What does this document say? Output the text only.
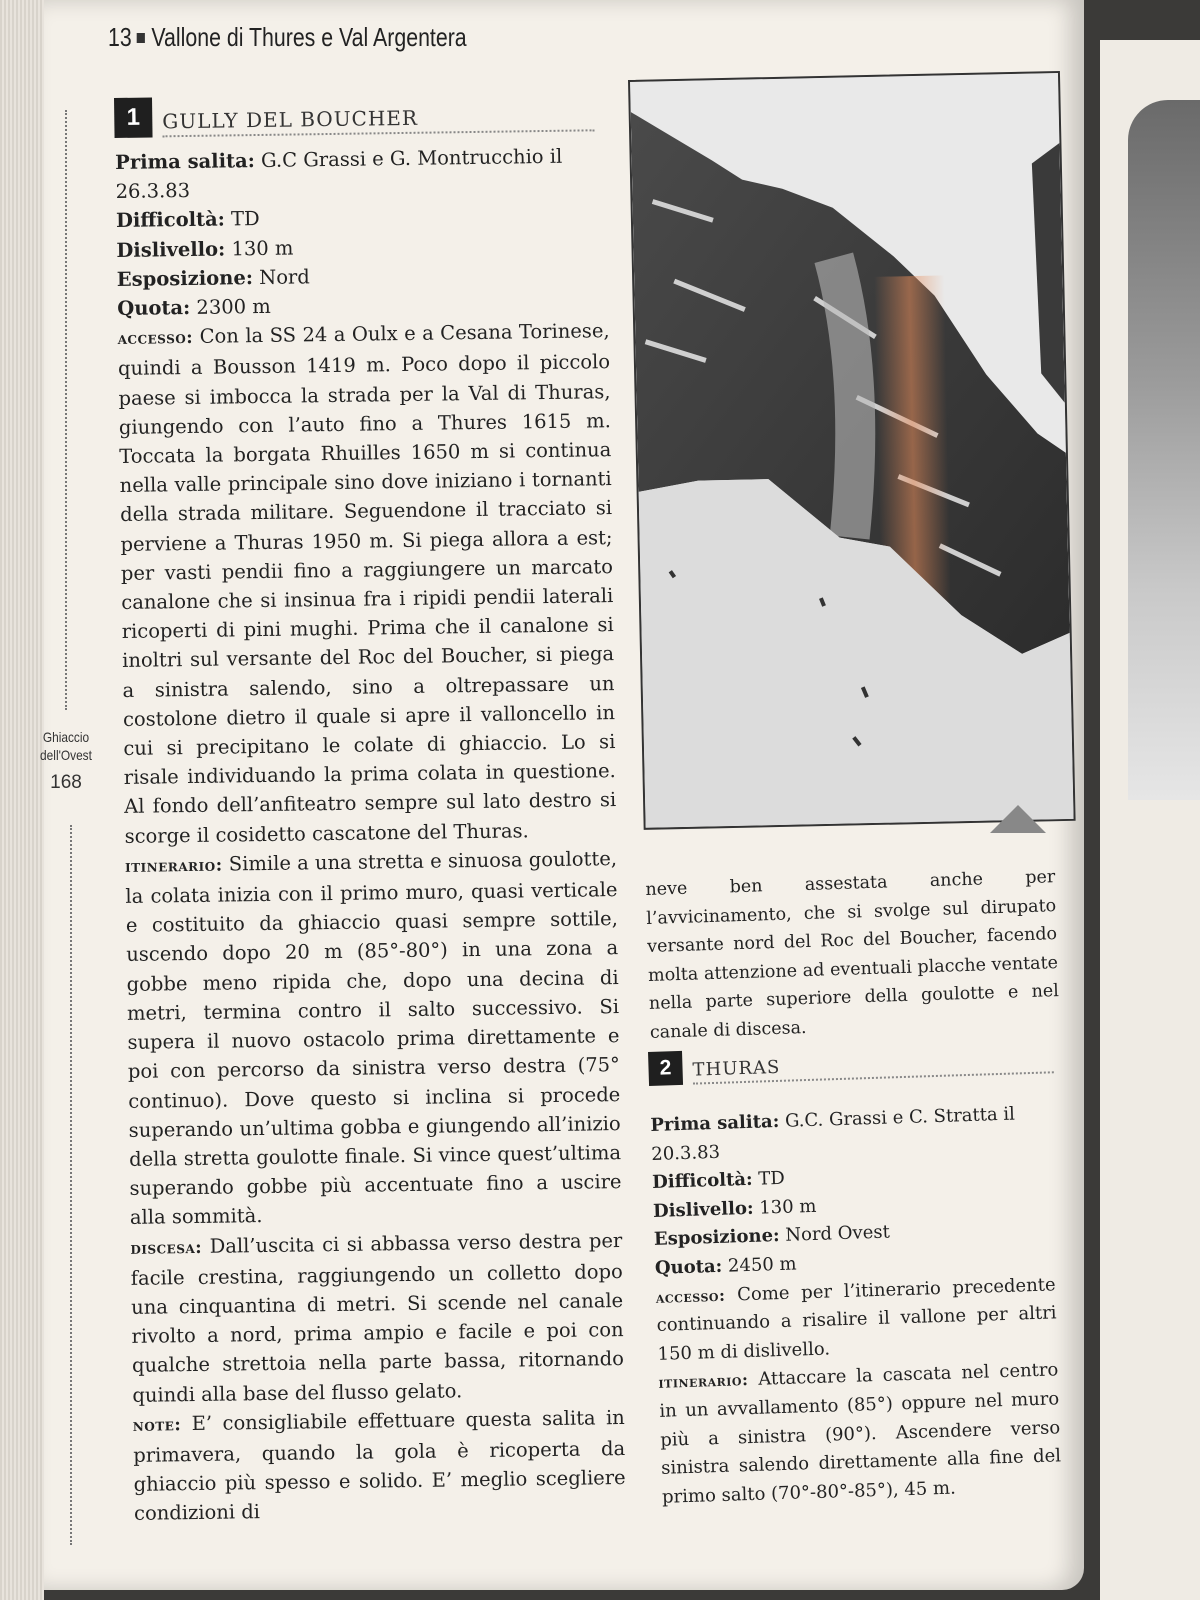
13 Vallone di Thures e Val Argentera
Ghiaccio
dell'Ovest
168
1	GULLY DEL BOUCHER
Prima salita: G.C Grassi e G. Montrucchio il 26.3.83
Difficoltà: TD
Dislivello: 130 m
Esposizione: Nord
Quota: 2300 m

accesso: Con la SS 24 a Oulx e a Cesana Torinese, quindi a Bousson 1419 m. Poco dopo il piccolo paese si imbocca la strada per la Val di Thuras, giungendo con l’auto fino a Thures 1615 m. Toccata la borgata Rhuilles 1650 m si continua nella valle principale sino dove iniziano i tornanti della strada militare. Seguendone il tracciato si perviene a Thuras 1950 m. Si piega allora a est; per vasti pendii fino a raggiungere un marcato canalone che si insinua fra i ripidi pendii laterali ricoperti di pini mughi. Prima che il canalone si inoltri sul versante del Roc del Boucher, si piega a sinistra salendo, sino a oltrepassare un costolone dietro il quale si apre il valloncello in cui si precipitano le colate di ghiaccio. Lo si risale individuando la prima colata in questione. Al fondo dell’anfiteatro sempre sul lato destro si scorge il cosidetto cascatone del Thuras.

itinerario: Simile a una stretta e sinuosa goulotte, la colata inizia con il primo muro, quasi verticale e costituito da ghiaccio quasi sempre sottile, uscendo dopo 20 m (85°-80°) in una zona a gobbe meno ripida che, dopo una decina di metri, termina contro il salto successivo. Si supera il nuovo ostacolo prima direttamente e poi con percorso da sinistra verso destra (75° continuo). Dove questo si inclina si procede superando un’ultima gobba e giungendo all’inizio della stretta goulotte finale. Si vince quest’ultima superando gobbe più accentuate fino a uscire alla sommità.

discesa: Dall’uscita ci si abbassa verso destra per facile crestina, raggiungendo un colletto dopo una cinquantina di metri. Si scende nel canale rivolto a nord, prima ampio e facile e poi con qualche strettoia nella parte bassa, ritornando quindi alla base del flusso gelato.

note: E’ consigliabile effettuare questa salita in primavera, quando la gola è ricoperta da ghiaccio più spesso e solido. E’ meglio scegliere condizioni di

neve ben assestata anche per l’avvicinamento, che si svolge sul dirupato versante nord del Roc del Boucher, facendo molta attenzione ad eventuali placche ventate nella parte superiore della goulotte e nel canale di discesa.

2	THURAS
Prima salita: G.C. Grassi e C. Stratta il 20.3.83
Difficoltà: TD
Dislivello: 130 m
Esposizione: Nord Ovest
Quota: 2450 m

accesso: Come per l’itinerario precedente continuando a risalire il vallone per altri 150 m di dislivello.

itinerario: Attaccare la cascata nel centro in un avvallamento (85°) oppure nel muro più a sinistra (90°). Ascendere verso sinistra salendo direttamente alla fine del primo salto (70°-80°-85°), 45 m.
